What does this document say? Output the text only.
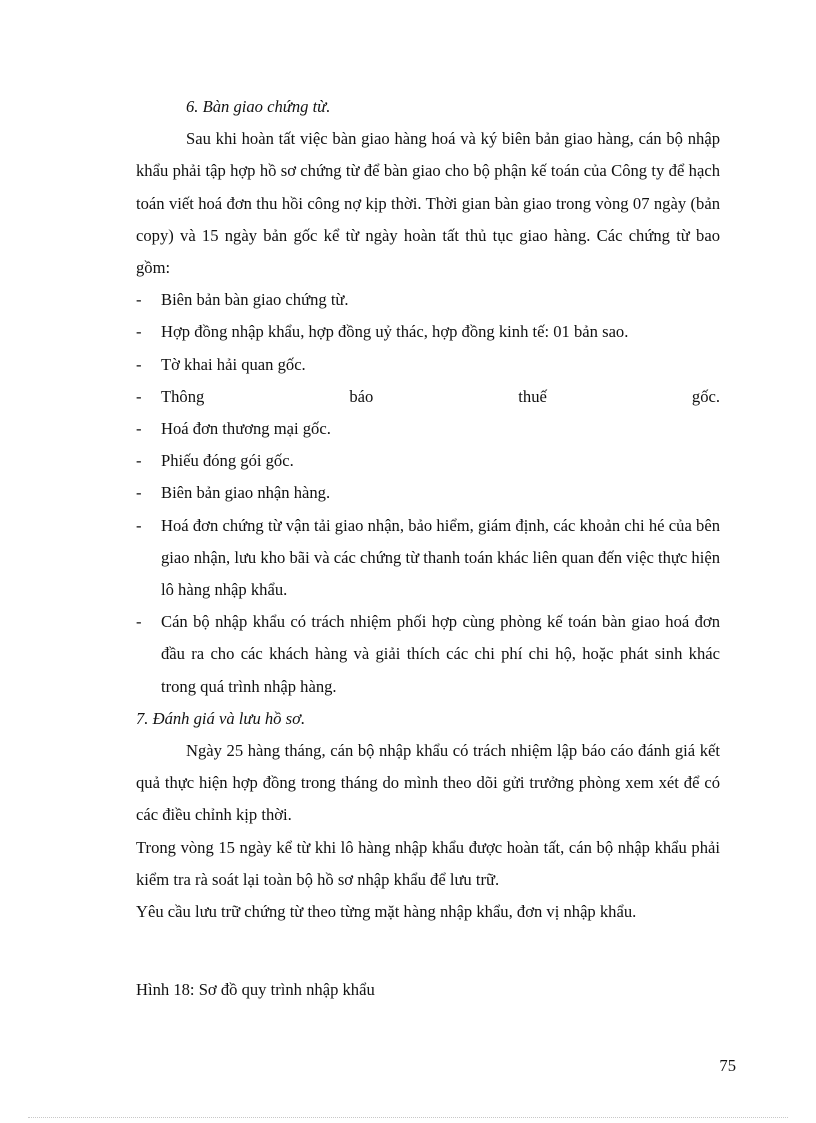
6. Bàn giao chứng từ.

Sau khi hoàn tất việc bàn giao hàng hoá và ký biên bản giao hàng, cán bộ nhập khẩu phải tập hợp hồ sơ chứng từ để bàn giao cho bộ phận kế toán của Công ty để hạch toán viết hoá đơn thu hồi công nợ kịp thời. Thời gian bàn giao trong vòng 07 ngày (bản copy) và 15 ngày bản gốc kể từ ngày hoàn tất thủ tục giao hàng. Các chứng từ bao gồm:

- Biên bản bàn giao chứng từ.
- Hợp đồng nhập khẩu, hợp đồng uỷ thác, hợp đồng kinh tế: 01 bản sao.
- Tờ khai hải quan gốc.
- Thông báo thuế gốc.
- Hoá đơn thương mại gốc.
- Phiếu đóng gói gốc.
- Biên bản giao nhận hàng.
- Hoá đơn chứng từ vận tải giao nhận, bảo hiểm, giám định, các khoản chi hé của bên giao nhận, lưu kho bãi và các chứng từ thanh toán khác liên quan đến việc thực hiện lô hàng nhập khẩu.
- Cán bộ nhập khẩu có trách nhiệm phối hợp cùng phòng kế toán bàn giao hoá đơn đầu ra cho các khách hàng và giải thích các chi phí chi hộ, hoặc phát sinh khác trong quá trình nhập hàng.

7. Đánh giá và lưu hồ sơ.

Ngày 25 hàng tháng, cán bộ nhập khẩu có trách nhiệm lập báo cáo đánh giá kết quả thực hiện hợp đồng trong tháng do mình theo dõi gửi trưởng phòng xem xét để có các điều chỉnh kịp thời.

Trong vòng 15 ngày kể từ khi lô hàng nhập khẩu được hoàn tất, cán bộ nhập khẩu phải kiểm tra rà soát lại toàn bộ hồ sơ nhập khẩu để lưu trữ.

Yêu cầu lưu trữ chứng từ theo từng mặt hàng nhập khẩu, đơn vị nhập khẩu.

Hình 18: Sơ đồ quy trình nhập khẩu

75
